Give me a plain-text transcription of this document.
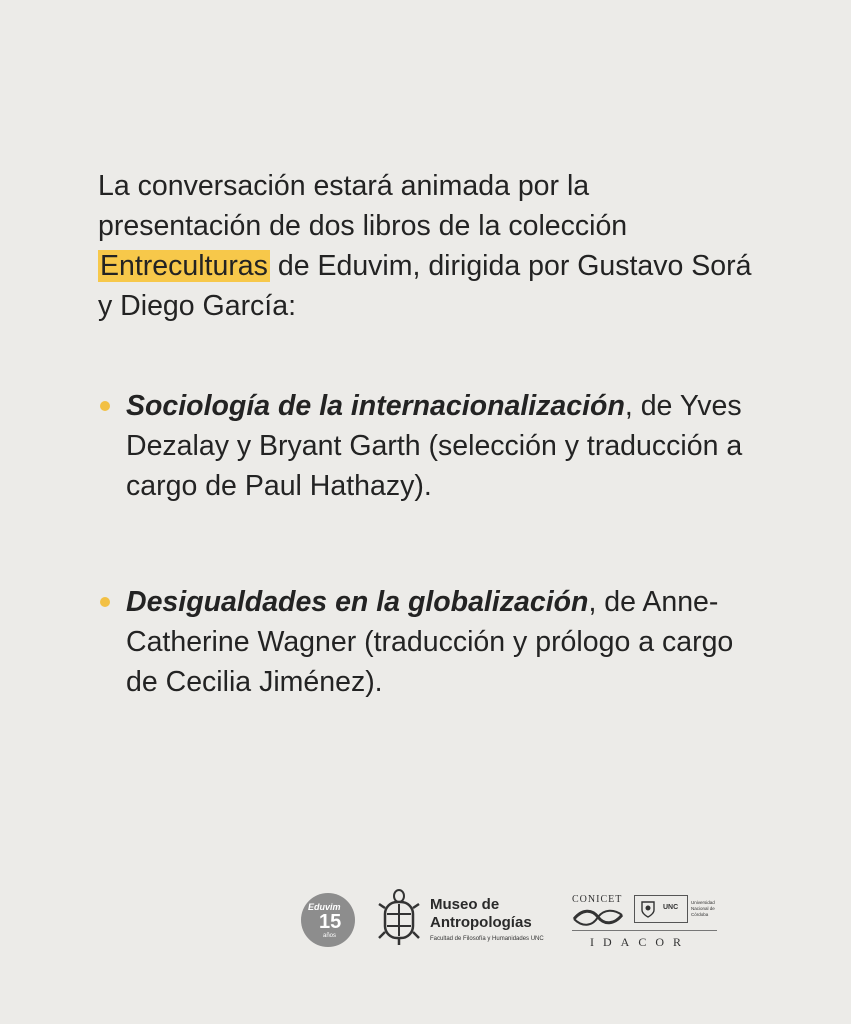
La conversación estará animada por la presentación de dos libros de la colección Entreculturas de Eduvim, dirigida por Gustavo Sorá y Diego García:

Sociología de la internacionalización, de Yves Dezalay y Bryant Garth (selección y traducción a cargo de Paul Hathazy).

Desigualdades en la globalización, de Anne-Catherine Wagner (traducción y prólogo a cargo de Cecilia Jiménez).

Eduvim
15
años
Museo de
Antropologías
Facultad de Filosofía y Humanidades UNC
CONICET
UNC
Universidad Nacional de Córdoba
IDACOR
